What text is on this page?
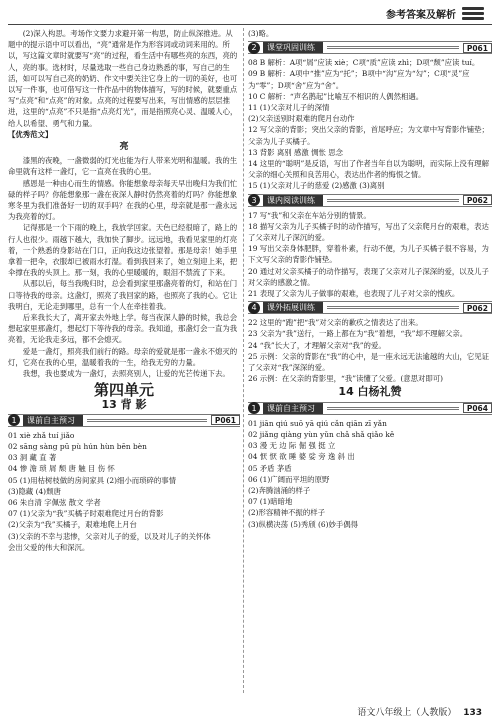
参考答案及解析

(2)深入构思。考场作文要力求避开第一构思，防止纵深推进。从题中的提示语中可以看出，“亮”通常是作为形容词或动词来用的。所以，写这篇文章时就要写“亮”的过程，看生活中有哪些亮的东西，亮的人，亮的事。选材时，尽量选取一些自己身边熟悉的事，写自己的生活，如可以写自己亮的奶奶、作文中要关注它身上的一切的美好，也可以写一件事，也可借写这一件作品中的物体描写，写的时候，就要重点写“点亮”和“点亮”的对象。点亮的过程要写出来，写出情感的层层推进，这里的“点亮”不只是指“点亮灯光”，而是指照亮心灵、温暖人心，给人以希望、勇气和力量。

【优秀范文】

亮

漆黑的夜晚，一盏微弱的灯光也能为行人带来光明和温暖。我的生命里就有这样一盏灯，它一直亮在我的心里。

感恩是一种由心而生的情感。你能想象母亲每天早出晚归为我们忙碌的样子吗？你能想象那一盏在夜深人静时仍然亮着的灯吗？你能想象寒冬里为我们准备好一切的双手吗？在我的心里，母亲就是那一盏永远为我亮着的灯。

记得那是一个下雨的晚上，我放学回家。天色已经很暗了，路上的行人也很少。雨越下越大，我加快了脚步。远远地，我看见家里的灯亮着，一个熟悉的身影站在门口，正向我这边张望着。那是母亲！她手里拿着一把伞，衣服却已被雨水打湿。看到我回来了，她立刻迎上来，把伞撑在我的头顶上。那一刻，我的心里暖暖的，眼泪不禁流了下来。

从那以后，每当我晚归时，总会看到家里那盏亮着的灯，和站在门口等待我的母亲。这盏灯，照亮了我回家的路，也照亮了我的心。它让我明白，无论走到哪里，总有一个人在牵挂着我。

后来我长大了，离开家去外地上学。每当夜深人静的时候，我总会想起家里那盏灯，想起灯下等待我的母亲。我知道，那盏灯会一直为我亮着，无论我走多远，都不会熄灭。

爱是一盏灯，照亮我们前行的路。母亲的爱就是那一盏永不熄灭的灯，它亮在我的心里，温暖着我的一生，给我无穷的力量。

我想，我也要成为一盏灯，去照亮别人，让爱的光芒传递下去。

第四单元

13 背 影

1	课前自主预习	P061

01 xiè zhǎ tuí jiǎo

02 sāng sàng pū pù hún hùn bēn bèn

03 洞 藏 直 著

04 惨 澹 琐 屑 颓 唐 触 目 伤 怀

05 (1)用枯树枝做的房间家具 (2)细小而琐碎的事情

(3)隐藏 (4)颓唐

06 朱自清 字佩弦 散文 学者

07 (1)父亲为“我”买橘子时艰难爬过月台的背影

(2)父亲为“我”买橘子，艰难地爬上月台

(3)父亲的不幸与悲惨，父亲对儿子的爱，以及对儿子的关怀体

会出父爱的伟大和深沉。

(3)略。

2	课堂巩固训练	P061

08 B 解析：A项“屑”应读 xiè；C项“质”应读 zhì；D项“颓”应读 tuí。

09 B 解析：A项中“推”应为“托”；B项中“沟”应为“勾”；C项“灵”应为“零”；D项“舍”应为“舍”。

10 C 解析：“声名鹊起”比喻互不相识的人偶然相遇。

11 (1)父亲对儿子的深情

(2)父亲送别时艰难的爬月台动作

12 写父亲的背影；突出父亲的背影，首尾呼应；为文章中写背影作铺垫；父亲为儿子买橘子。

13 背影 离别 感激 惆怅 思念

14 这里的“聪明”是反语，写出了作者当年自以为聪明，而实际上没有理解父亲的细心关照和良苦用心，表达出作者的悔恨之情。

15 (1)父亲对儿子的慈爱 (2)感激 (3)离别

3	课内阅读训练	P062

17 写“我”和父亲在车站分别的情景。

18 描写父亲为儿子买橘子时的动作描写，写出了父亲爬月台的艰难，表达了父亲对儿子深沉的爱。

19 写出父亲身体肥胖，穿着朴素，行动不便，为儿子买橘子很不容易，为下文写父亲的背影作铺垫。

20 通过对父亲买橘子的动作描写，表现了父亲对儿子深深的爱，以及儿子对父亲的感激之情。

21 表现了父亲为儿子做事的艰难，也表现了儿子对父亲的愧疚。

4	课外拓展训练	P062

22 这里的“跑”把“我”对父亲的歉疚之情表达了出来。

23 父亲为“我”送行，一路上都在为“我”着想，“我”却不理解父亲。

24 “我”长大了，才理解父亲对“我”的爱。

25 示例：父亲的背影在“我”的心中，是一座永远无法逾越的大山，它见证了父亲对“我”深深的爱。

26 示例：在父亲的背影里，“我”读懂了父爱。(意思对即可)

14 白杨礼赞

1	课前自主预习	P064

01 jiān qiú suō yā qiú cǎn qiān zī yǎn

02 jiǎng qiàng yùn yǔn chǎ shǎ qiǎo kě

03 漫 无 边 际 倔 强 挺 立

04 恹 恹 欲 睡 婆 娑 旁 逸 斜 出

05 矛盾 茅盾

06 (1)广阔而平坦的原野

(2)奔腾汹涌的样子

07 (1)暗暗地

(2)形容精神不振的样子

(3)纵横决荡 (5)秀颀 (6)妙手偶得

语文八年级上（人教版） 133
